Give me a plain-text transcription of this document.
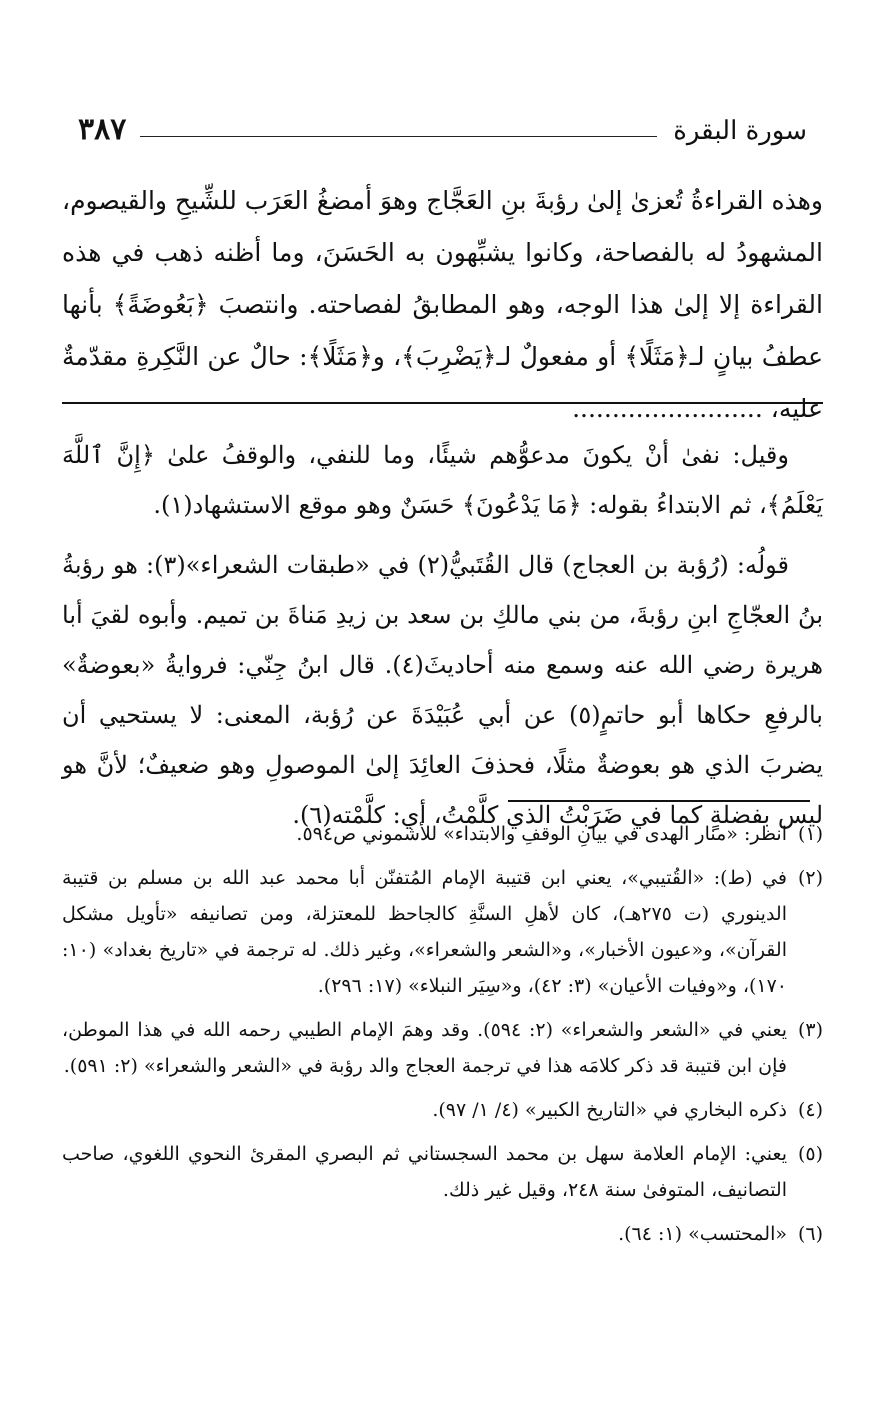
سورة البقرة
٣٨٧

وهذه القراءةُ تُعزىٰ إلىٰ رؤبةَ بنِ العَجَّاج وهوَ أمضغُ العَرَب للشِّيحِ والقيصوم، المشهودُ له بالفصاحة، وكانوا يشبِّهون به الحَسَنَ، وما أظنه ذهب في هذه القراءة إلا إلىٰ هذا الوجه، وهو المطابقُ لفصاحته. وانتصبَ ﴿بَعُوضَةً﴾ بأنها عطفُ بيانٍ لـ﴿مَثَلًا﴾ أو مفعولٌ لـ﴿يَضْرِبَ﴾، و﴿مَثَلًا﴾: حالٌ عن النَّكِرةِ مقدّمةٌ عليه، ........................

وقيل: نفىٰ أنْ يكونَ مدعوُّهم شيئًا، وما للنفي، والوقفُ علىٰ ﴿إِنَّ ٱللَّهَ يَعْلَمُ﴾، ثم الابتداءُ بقوله: ﴿مَا يَدْعُونَ﴾ حَسَنٌ وهو موقع الاستشهاد(١).

قولُه: (رُؤبة بن العجاج) قال القُتَبيُّ(٢) في «طبقات الشعراء»(٣): هو رؤبةُ بنُ العجّاجِ ابنِ رؤبةَ، من بني مالكِ بن سعد بن زيدِ مَناةَ بن تميم. وأبوه لقيَ أبا هريرة رضي الله عنه وسمع منه أحاديثَ(٤). قال ابنُ جِنّي: فروايةُ «بعوضةٌ» بالرفعِ حكاها أبو حاتمٍ(٥) عن أبي عُبَيْدَةَ عن رُؤبة، المعنى: لا يستحيي أن يضربَ الذي هو بعوضةٌ مثلًا، فحذفَ العائِدَ إلىٰ الموصولِ وهو ضعيفٌ؛ لأنَّ هو ليس بفضلةٍ كما في ضَرَبْتُ الذي كلَّمْتُ، أي: كلَّمْته(٦).

(١)
انظر: «منار الهدى في بيانِ الوقفِ والابتداء» للأشموني ص٥٩٤.

(٢)
في (ط): «القُتيبي»، يعني ابن قتيبة الإمام المُتفنّن أبا محمد عبد الله بن مسلم بن قتيبة الدينوري (ت ٢٧٥هـ)، كان لأهلِ السنَّةِ كالجاحظ للمعتزلة، ومن تصانيفه «تأويل مشكل القرآن»، و«عيون الأخبار»، و«الشعر والشعراء»، وغير ذلك. له ترجمة في «تاريخ بغداد» (١٠: ١٧٠)، و«وفيات الأعيان» (٣: ٤٢)، و«سِيَر النبلاء» (١٧: ٢٩٦).

(٣)
يعني في «الشعر والشعراء» (٢: ٥٩٤). وقد وهمَ الإمام الطيبي رحمه الله في هذا الموطن، فإن ابن قتيبة قد ذكر كلامَه هذا في ترجمة العجاج والد رؤبة في «الشعر والشعراء» (٢: ٥٩١).

(٤)
ذكره البخاري في «التاريخ الكبير» (٤/ ١/ ٩٧).

(٥)
يعني: الإمام العلامة سهل بن محمد السجستاني ثم البصري المقرئ النحوي اللغوي، صاحب التصانيف، المتوفىٰ سنة ٢٤٨، وقيل غير ذلك.

(٦)
«المحتسب» (١: ٦٤).
